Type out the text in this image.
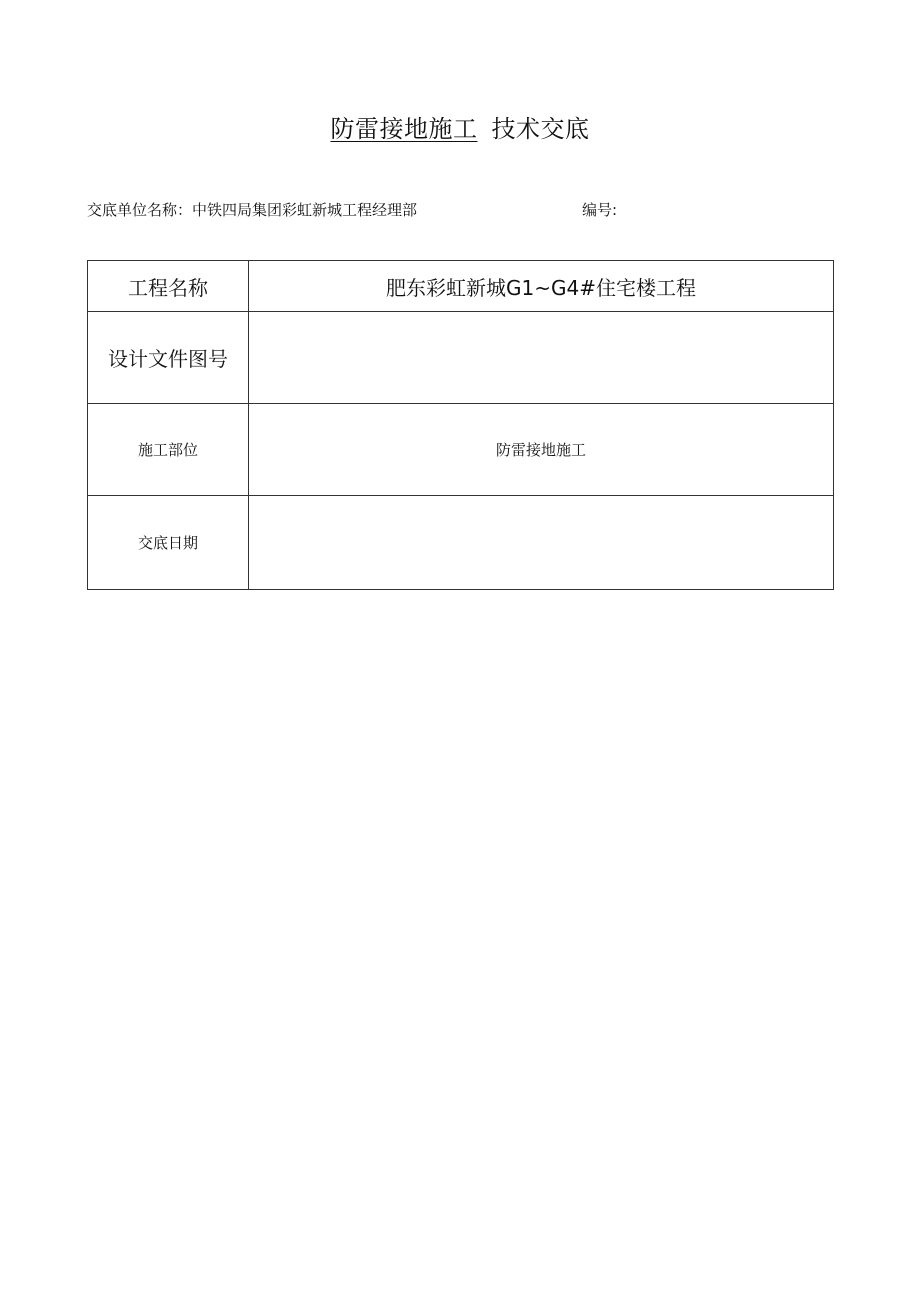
防雷接地施工 技术交底
交底单位名称：中铁四局集团彩虹新城工程经理部	编号:
工程名称	肥东彩虹新城G1~G4#住宅楼工程
设计文件图号	
施工部位	防雷接地施工
交底日期	
